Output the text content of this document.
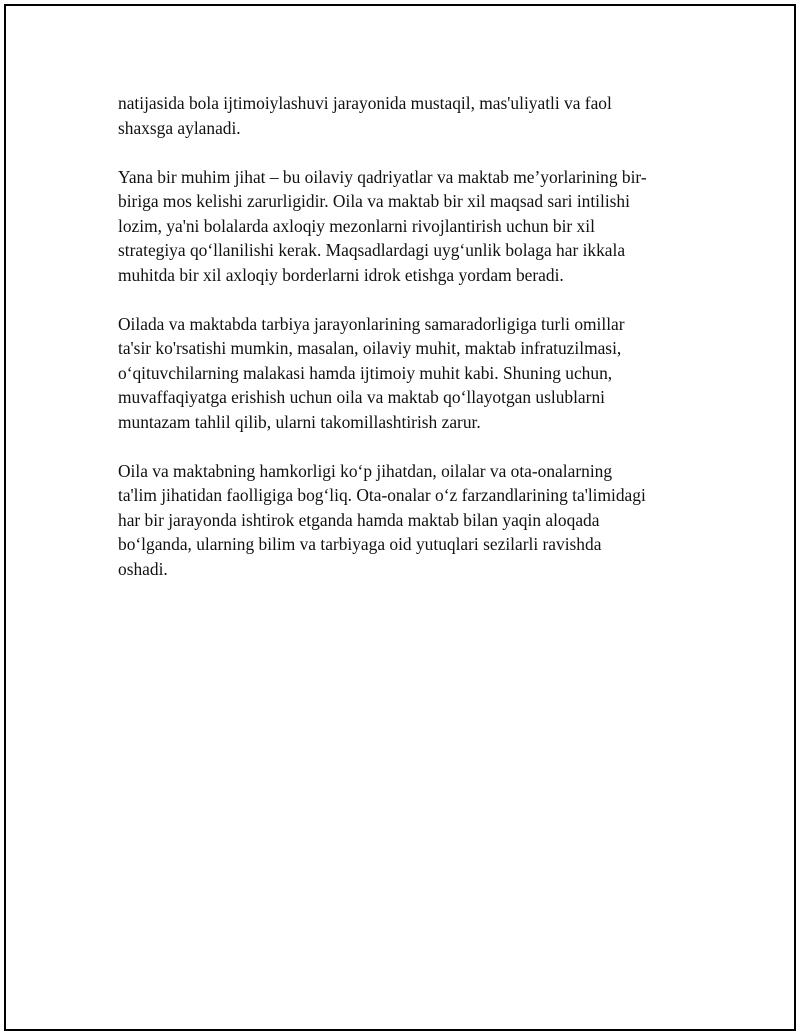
natijasida bola ijtimoiylashuvi jarayonida mustaqil, mas'uliyatli va faol
shaxsga aylanadi.

Yana bir muhim jihat – bu oilaviy qadriyatlar va maktab me’yorlarining bir-
biriga mos kelishi zarurligidir. Oila va maktab bir xil maqsad sari intilishi
lozim, ya'ni bolalarda axloqiy mezonlarni rivojlantirish uchun bir xil
strategiya qo‘llanilishi kerak. Maqsadlardagi uyg‘unlik bolaga har ikkala
muhitda bir xil axloqiy borderlarni idrok etishga yordam beradi.

Oilada va maktabda tarbiya jarayonlarining samaradorligiga turli omillar
ta'sir ko'rsatishi mumkin, masalan, oilaviy muhit, maktab infratuzilmasi,
o‘qituvchilarning malakasi hamda ijtimoiy muhit kabi. Shuning uchun,
muvaffaqiyatga erishish uchun oila va maktab qo‘llayotgan uslublarni
muntazam tahlil qilib, ularni takomillashtirish zarur.

Oila va maktabning hamkorligi ko‘p jihatdan, oilalar va ota-onalarning
ta'lim jihatidan faolligiga bog‘liq. Ota-onalar o‘z farzandlarining ta'limidagi
har bir jarayonda ishtirok etganda hamda maktab bilan yaqin aloqada
bo‘lganda, ularning bilim va tarbiyaga oid yutuqlari sezilarli ravishda
oshadi.
